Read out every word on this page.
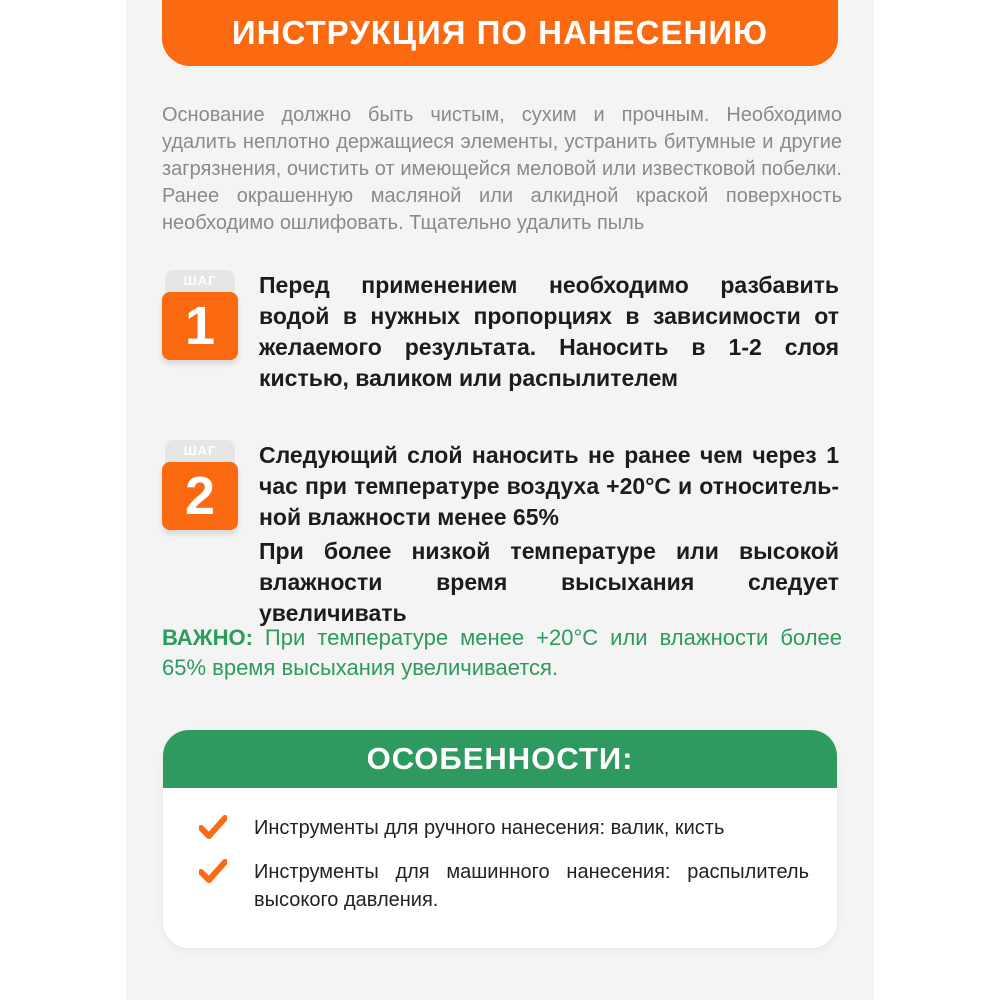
ИНСТРУКЦИЯ ПО НАНЕСЕНИЮ

Основание должно быть чистым, сухим и прочным. Необходимо удалить неплотно держащиеся элементы, устранить битумные и другие загрязнения, очистить от имеющейся меловой или известковой побелки. Ранее окрашенную масляной или алкидной краской поверхность необходимо ошлифовать. Тщательно удалить пыль

ШАГ
1

Перед применением необходимо разбавить водой в нужных пропорциях в зависимости от желаемого результата. Наносить в 1-2 слоя кистью, валиком или распылителем

ШАГ
2

Следующий слой наносить не ранее чем через 1 час при температуре воздуха +20°С и относитель-ной влажности менее 65%

При более низкой температуре или высокой влажности время высыхания следует увеличивать

ВАЖНО: При температуре менее +20°С или влажности более 65% время высыхания увеличивается.

ОСОБЕННОСТИ:

Инструменты для ручного нанесения: валик, кисть

Инструменты для машинного нанесения: распылитель высокого давления.
